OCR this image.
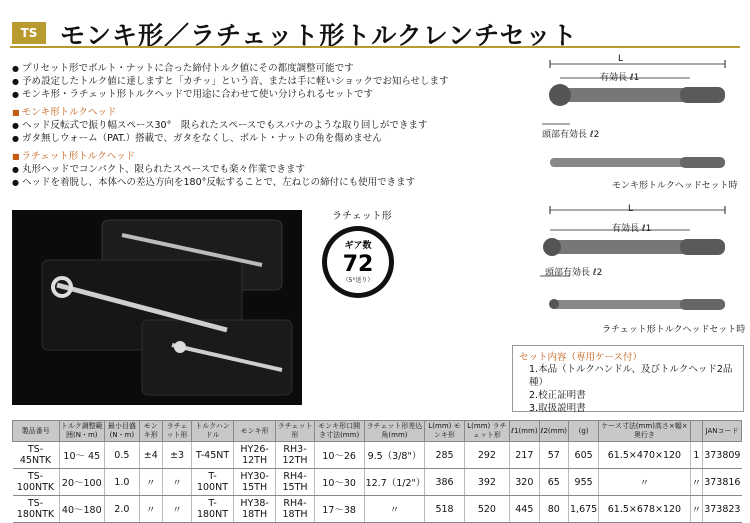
TS モンキ形／ラチェット形トルクレンチセット
● プリセット形でボルト・ナットに合った締付トルク値にその都度調整可能です
● 予め設定したトルク値に達しますと「カチッ」という音、または手に軽いショックでお知らせします
● モンキ形・ラチェット形トルクヘッドで用途に合わせて使い分けられるセットです
■ モンキ形トルクヘッド
● ヘッド反転式で振り幅スペース30°　限られたスペースでもスパナのような取り回しができます
● ガタ無しウォーム（PAT.）搭載で、ガタをなくし、ボルト・ナットの角を傷めません
■ ラチェット形トルクヘッド
● 丸形ヘッドでコンパクト、限られたスペースでも楽々作業できます
● ヘッドを着脱し、本体への差込方向を180°反転することで、左ねじの締付にも使用できます
ラチェット形
ギア数
72
（5°送り）
L
有効長 ℓ1
頭部有効長 ℓ2
モンキ形トルクヘッドセット時
L
有効長 ℓ1
頭部有効長 ℓ2
ラチェット形トルクヘッドセット時
セット内容（専用ケース付）
1.本品（トルクハンドル、及びトルクヘッド2品種）
2.校正証明書
3.取扱説明書
製品番号	トルク調整範囲(N・m)	最小目盛(N・m)	モンキ形	ラチェット形	トルクハンドル	モンキ形	ラチェット形	モンキ形口開き寸法(mm)	ラチェット形差込角(mm)	L(mm) モンキ形	L(mm) ラチェット形	ℓ1(mm)	ℓ2(mm)	(g)	ケース寸法(mm)高さ×幅×奥行き		JANコード
TS- 45NTK	10～ 45	0.5	±4	±3	T-45NT	HY26-12TH	RH3-12TH	10～26	9.5（3/8"）	285	292	217	57	605	61.5×470×120	1	373809
TS-100NTK	20～100	1.0	〃	〃	T-100NT	HY30-15TH	RH4-15TH	10～30	12.7（1/2"）	386	392	320	65	955	〃	〃	373816
TS-180NTK	40～180	2.0	〃	〃	T-180NT	HY38-18TH	RH4-18TH	17～38	〃	518	520	445	80	1,675	61.5×678×120	〃	373823
